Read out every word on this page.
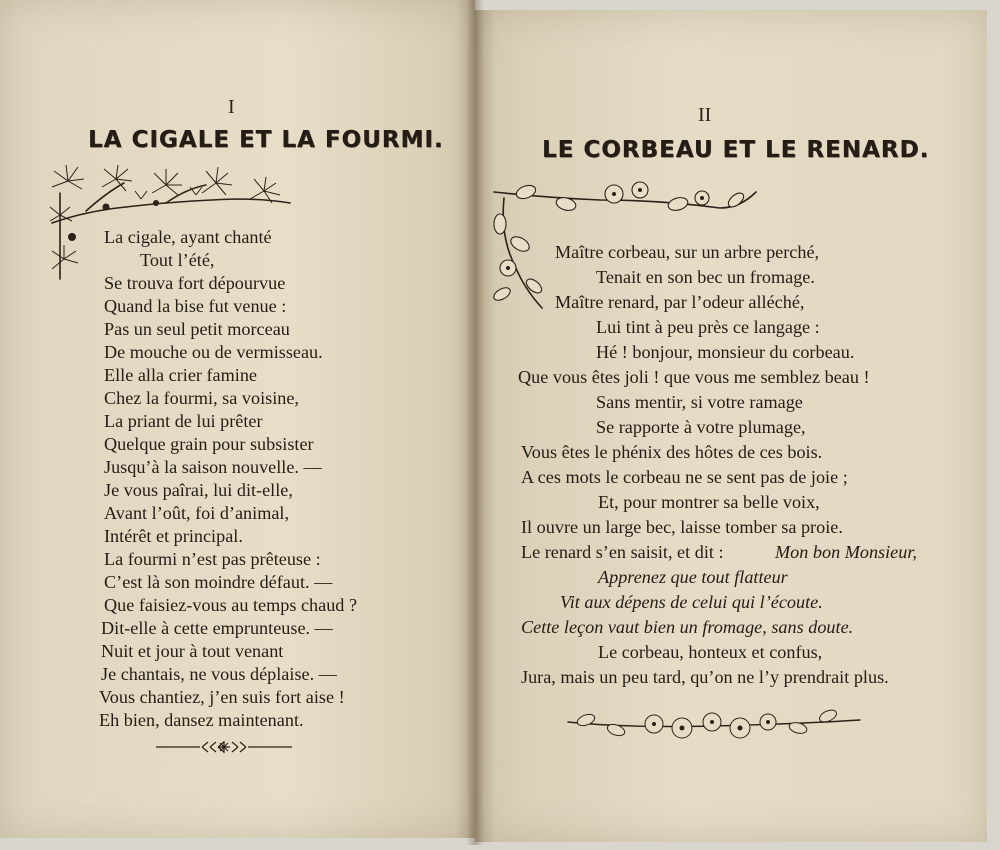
I
LA CIGALE ET LA FOURMI.
La cigale, ayant chanté
Tout l’été,
Se trouva fort dépourvue
Quand la bise fut venue :
Pas un seul petit morceau
De mouche ou de vermisseau.
Elle alla crier famine
Chez la fourmi, sa voisine,
La priant de lui prêter
Quelque grain pour subsister
Jusqu’à la saison nouvelle. —
Je vous paîrai, lui dit-elle,
Avant l’oût, foi d’animal,
Intérêt et principal.
La fourmi n’est pas prêteuse :
C’est là son moindre défaut. —
Que faisiez-vous au temps chaud ?
Dit-elle à cette emprunteuse. —
Nuit et jour à tout venant
Je chantais, ne vous déplaise. —
Vous chantiez, j’en suis fort aise !
Eh bien, dansez maintenant.
II
LE CORBEAU ET LE RENARD.
Maître corbeau, sur un arbre perché,
Tenait en son bec un fromage.
Maître renard, par l’odeur alléché,
Lui tint à peu près ce langage :
Hé ! bonjour, monsieur du corbeau.
Que vous êtes joli ! que vous me semblez beau !
Sans mentir, si votre ramage
Se rapporte à votre plumage,
Vous êtes le phénix des hôtes de ces bois.
A ces mots le corbeau ne se sent pas de joie ;
Et, pour montrer sa belle voix,
Il ouvre un large bec, laisse tomber sa proie.
Le renard s’en saisit, et dit :	Mon bon Monsieur,
Apprenez que tout flatteur
Vit aux dépens de celui qui l’écoute.
Cette leçon vaut bien un fromage, sans doute.
Le corbeau, honteux et confus,
Jura, mais un peu tard, qu’on ne l’y prendrait plus.
